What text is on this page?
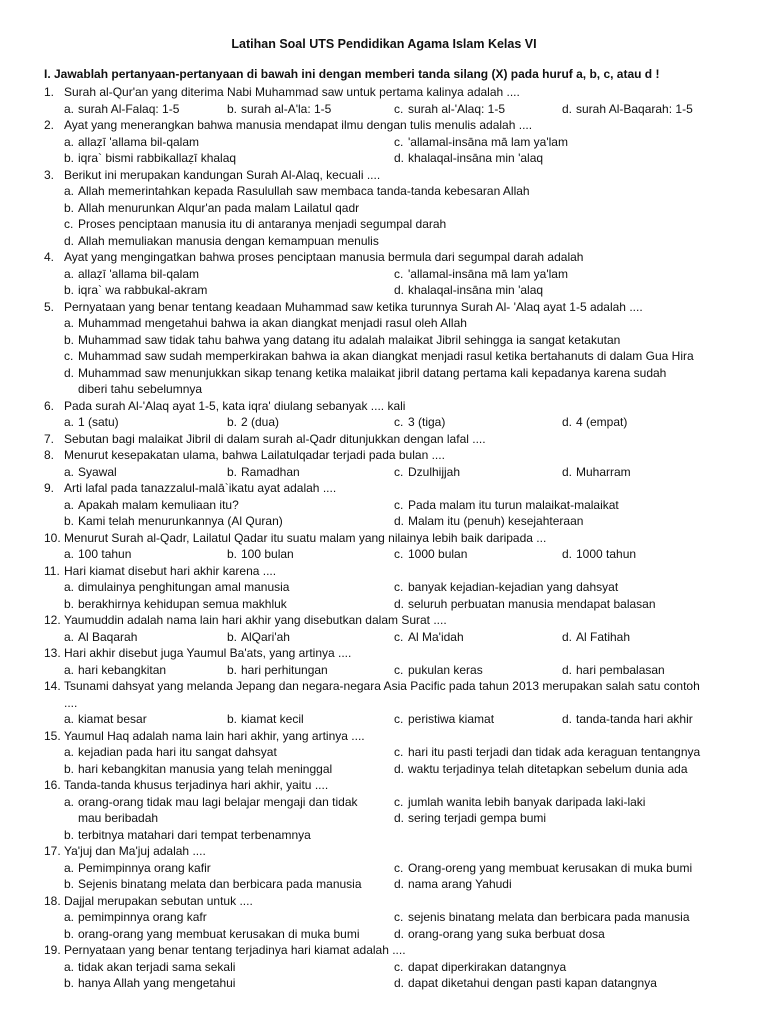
Latihan Soal UTS Pendidikan Agama Islam Kelas VI
I. Jawablah pertanyaan-pertanyaan di bawah ini dengan memberi tanda silang (X) pada huruf a, b, c, atau d !
1. Surah al-Qur'an yang diterima Nabi Muhammad saw untuk pertama kalinya adalah ....
a. surah Al-Falaq: 1-5	b. surah al-A'la: 1-5	c. surah al-'Alaq: 1-5	d. surah Al-Baqarah: 1-5
2. Ayat yang menerangkan bahwa manusia mendapat ilmu dengan tulis menulis adalah ....
a. allaẓī 'allama bil-qalam	c. 'allamal-insāna mā lam ya'lam
b. iqra` bismi rabbikallaẓī khalaq	d. khalaqal-insāna min 'alaq
3. Berikut ini merupakan kandungan Surah Al-Alaq, kecuali ....
a. Allah memerintahkan kepada Rasulullah saw membaca tanda-tanda kebesaran Allah
b. Allah menurunkan Alqur'an pada malam Lailatul qadr
c. Proses penciptaan manusia itu di antaranya menjadi segumpal darah
d. Allah memuliakan manusia dengan kemampuan menulis
4. Ayat yang mengingatkan bahwa proses penciptaan manusia bermula dari segumpal darah adalah
a. allaẓī 'allama bil-qalam	c. 'allamal-insāna mā lam ya'lam
b. iqra` wa rabbukal-akram	d. khalaqal-insāna min 'alaq
5. Pernyataan yang benar tentang keadaan Muhammad saw ketika turunnya Surah Al- 'Alaq ayat 1-5 adalah ....
a. Muhammad mengetahui bahwa ia akan diangkat menjadi rasul oleh Allah
b. Muhammad saw tidak tahu bahwa yang datang itu adalah malaikat Jibril sehingga ia sangat ketakutan
c. Muhammad saw sudah memperkirakan bahwa ia akan diangkat menjadi rasul ketika bertahanuts di dalam Gua Hira
d. Muhammad saw menunjukkan sikap tenang ketika malaikat jibril datang pertama kali kepadanya karena sudah
diberi tahu sebelumnya
6. Pada surah Al-'Alaq ayat 1-5, kata iqra' diulang sebanyak .... kali
a. 1 (satu)	b. 2 (dua)	c. 3 (tiga)	d. 4 (empat)
7. Sebutan bagi malaikat Jibril di dalam surah al-Qadr ditunjukkan dengan lafal ....
8. Menurut kesepakatan ulama, bahwa Lailatulqadar terjadi pada bulan ....
a. Syawal	b. Ramadhan	c. Dzulhijjah	d. Muharram
9. Arti lafal pada tanazzalul-malā`ikatu ayat adalah ....
a. Apakah malam kemuliaan itu?	c. Pada malam itu turun malaikat-malaikat
b. Kami telah menurunkannya (Al Quran)	d. Malam itu (penuh) kesejahteraan
10. Menurut Surah al-Qadr, Lailatul Qadar itu suatu malam yang nilainya lebih baik daripada ...
a. 100 tahun	b. 100 bulan	c. 1000 bulan	d. 1000 tahun
11. Hari kiamat disebut hari akhir karena ....
a. dimulainya penghitungan amal manusia	c. banyak kejadian-kejadian yang dahsyat
b. berakhirnya kehidupan semua makhluk	d. seluruh perbuatan manusia mendapat balasan
12. Yaumuddin adalah nama lain hari akhir yang disebutkan dalam Surat ....
a. Al Baqarah	b. AlQari'ah	c. Al Ma'idah	d. Al Fatihah
13. Hari akhir disebut juga Yaumul Ba'ats, yang artinya ....
a. hari kebangkitan	b. hari perhitungan	c. pukulan keras	d. hari pembalasan
14. Tsunami dahsyat yang melanda Jepang dan negara-negara Asia Pacific pada tahun 2013 merupakan salah satu contoh
....
a. kiamat besar	b. kiamat kecil	c. peristiwa kiamat	d. tanda-tanda hari akhir
15. Yaumul Haq adalah nama lain hari akhir, yang artinya ....
a. kejadian pada hari itu sangat dahsyat	c. hari itu pasti terjadi dan tidak ada keraguan tentangnya
b. hari kebangkitan manusia yang telah meninggal	d. waktu terjadinya telah ditetapkan sebelum dunia ada
16. Tanda-tanda khusus terjadinya hari akhir, yaitu ....
a. orang-orang tidak mau lagi belajar mengaji dan tidak	c. jumlah wanita lebih banyak daripada laki-laki
mau beribadah	d. sering terjadi gempa bumi
b. terbitnya matahari dari tempat terbenamnya
17. Ya'juj dan Ma'juj adalah ....
a. Pemimpinnya orang kafir	c. Orang-oreng yang membuat kerusakan di muka bumi
b. Sejenis binatang melata dan berbicara pada manusia	d. nama arang Yahudi
18. Dajjal merupakan sebutan untuk ....
a. pemimpinnya orang kafr	c. sejenis binatang melata dan berbicara pada manusia
b. orang-orang yang membuat kerusakan di muka bumi	d. orang-orang yang suka berbuat dosa
19. Pernyataan yang benar tentang terjadinya hari kiamat adalah ....
a. tidak akan terjadi sama sekali	c. dapat diperkirakan datangnya
b. hanya Allah yang mengetahui	d. dapat diketahui dengan pasti kapan datangnya
